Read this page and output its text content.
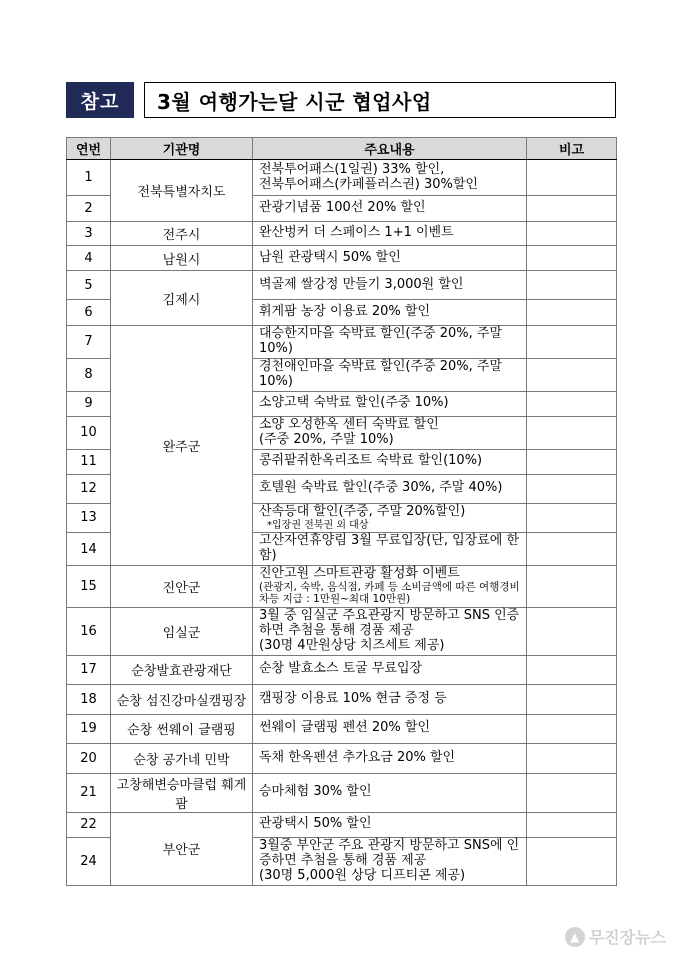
참고	3월 여행가는달 시군 협업사업
연번	기관명	주요내용	비고
1	전북특별자치도	전북투어패스(1일권) 33% 할인,
전북투어패스(카페플러스권) 30%할인	

2		관광기념품 100선 20% 할인	

3	전주시	완산벙커 더 스페이스 1+1 이벤트	

4	남원시	남원 관광택시 50% 할인	

5	김제시	벽골제 쌀강정 만들기 3,000원 할인	

6		휘게팜 농장 이용료 20% 할인	

7	완주군	대승한지마을 숙박료 할인(주중 20%, 주말 10%)	

8		경천애인마을 숙박료 할인(주중 20%, 주말 10%)	

9		소양고택 숙박료 할인(주중 10%)	

10		소양 오성한옥 센터 숙박료 할인
(주중 20%, 주말 10%)	

11		콩쥐팥쥐한옥리조트 숙박료 할인(10%)	

12		호텔원 숙박료 할인(주중 30%, 주말 40%)	

13		산속등대 할인(주중, 주말 20%할인)
*입장권 전북권 외 대상	

14		고산자연휴양림 3월 무료입장(단, 입장료에 한함)	

15	진안군	진안고원 스마트관광 활성화 이벤트
(관광지, 숙박, 음식점, 카페 등 소비금액에 따른 여행경비 차등 지급 : 1만원~최대 10만원)	

16	임실군	3월 중 임실군 주요관광지 방문하고 SNS 인증하면 추첨을 통해 경품 제공
(30명 4만원상당 치즈세트 제공)	

17	순창발효관광재단	순창 발효소스 토굴 무료입장	

18	순창 섬진강마실캠핑장	캠핑장 이용료 10% 현금 증정 등	

19	순창 썬웨이 글램핑	썬웨이 글램핑 펜션 20% 할인	

20	순창 공가네 민박	독채 한옥펜션 추가요금 20% 할인	

21	고창해변승마클럽 훼게팜	승마체험 30% 할인	

22	부안군	관광택시 50% 할인	

24		3월중 부안군 주요 관광지 방문하고 SNS에 인증하면 추첨을 통해 경품 제공
(30명 5,000원 상당 디프티콘 제공)	

▲ 무진장뉴스
